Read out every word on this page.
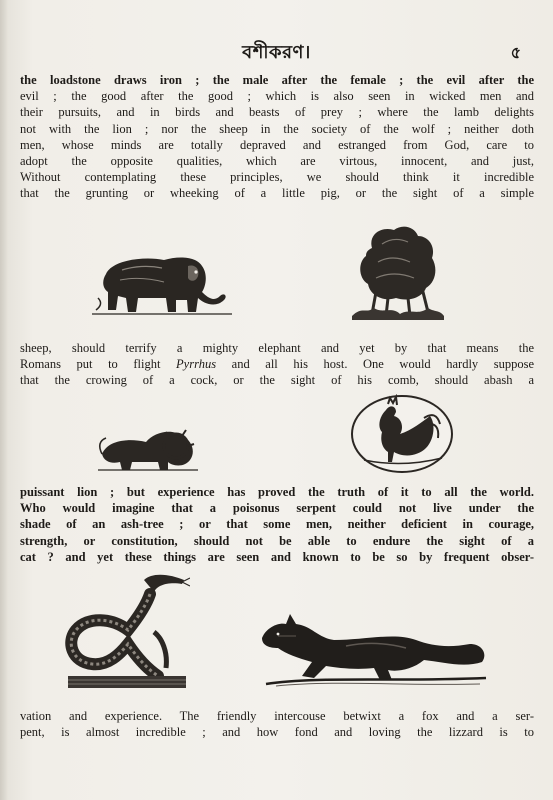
বশীকরণ।	৫
the loadstone draws iron ; the male after the female ; the evil after the
evil ; the good after the good ; which is also seen in wicked men and
their pursuits, and in birds and beasts of prey ; where the lamb delights
not with the lion ; nor the sheep in the society of the wolf ; neither doth
men, whose minds are totally depraved and estranged from God, care to
adopt the opposite qualities, which are virtous, innocent, and just,
Without contemplating these principles, we should think it incredible
that the grunting or wheeking of a little pig, or the sight of a simple
sheep, should terrify a mighty elephant and yet by that means the
Romans put to flight Pyrrhus and all his host. One would hardly suppose
that the crowing of a cock, or the sight of his comb, should abash a
puissant lion ; but experience has proved the truth of it to all the world.
Who would imagine that a poisonus serpent could not live under the
shade of an ash-tree ; or that some men, neither deficient in courage,
strength, or constitution, should not be able to endure the sight of a
cat ? and yet these things are seen and known to be so by frequent obser-
vation and experience. The friendly intercouse betwixt a fox and a ser-
pent, is almost incredible ; and how fond and loving the lizzard is to
